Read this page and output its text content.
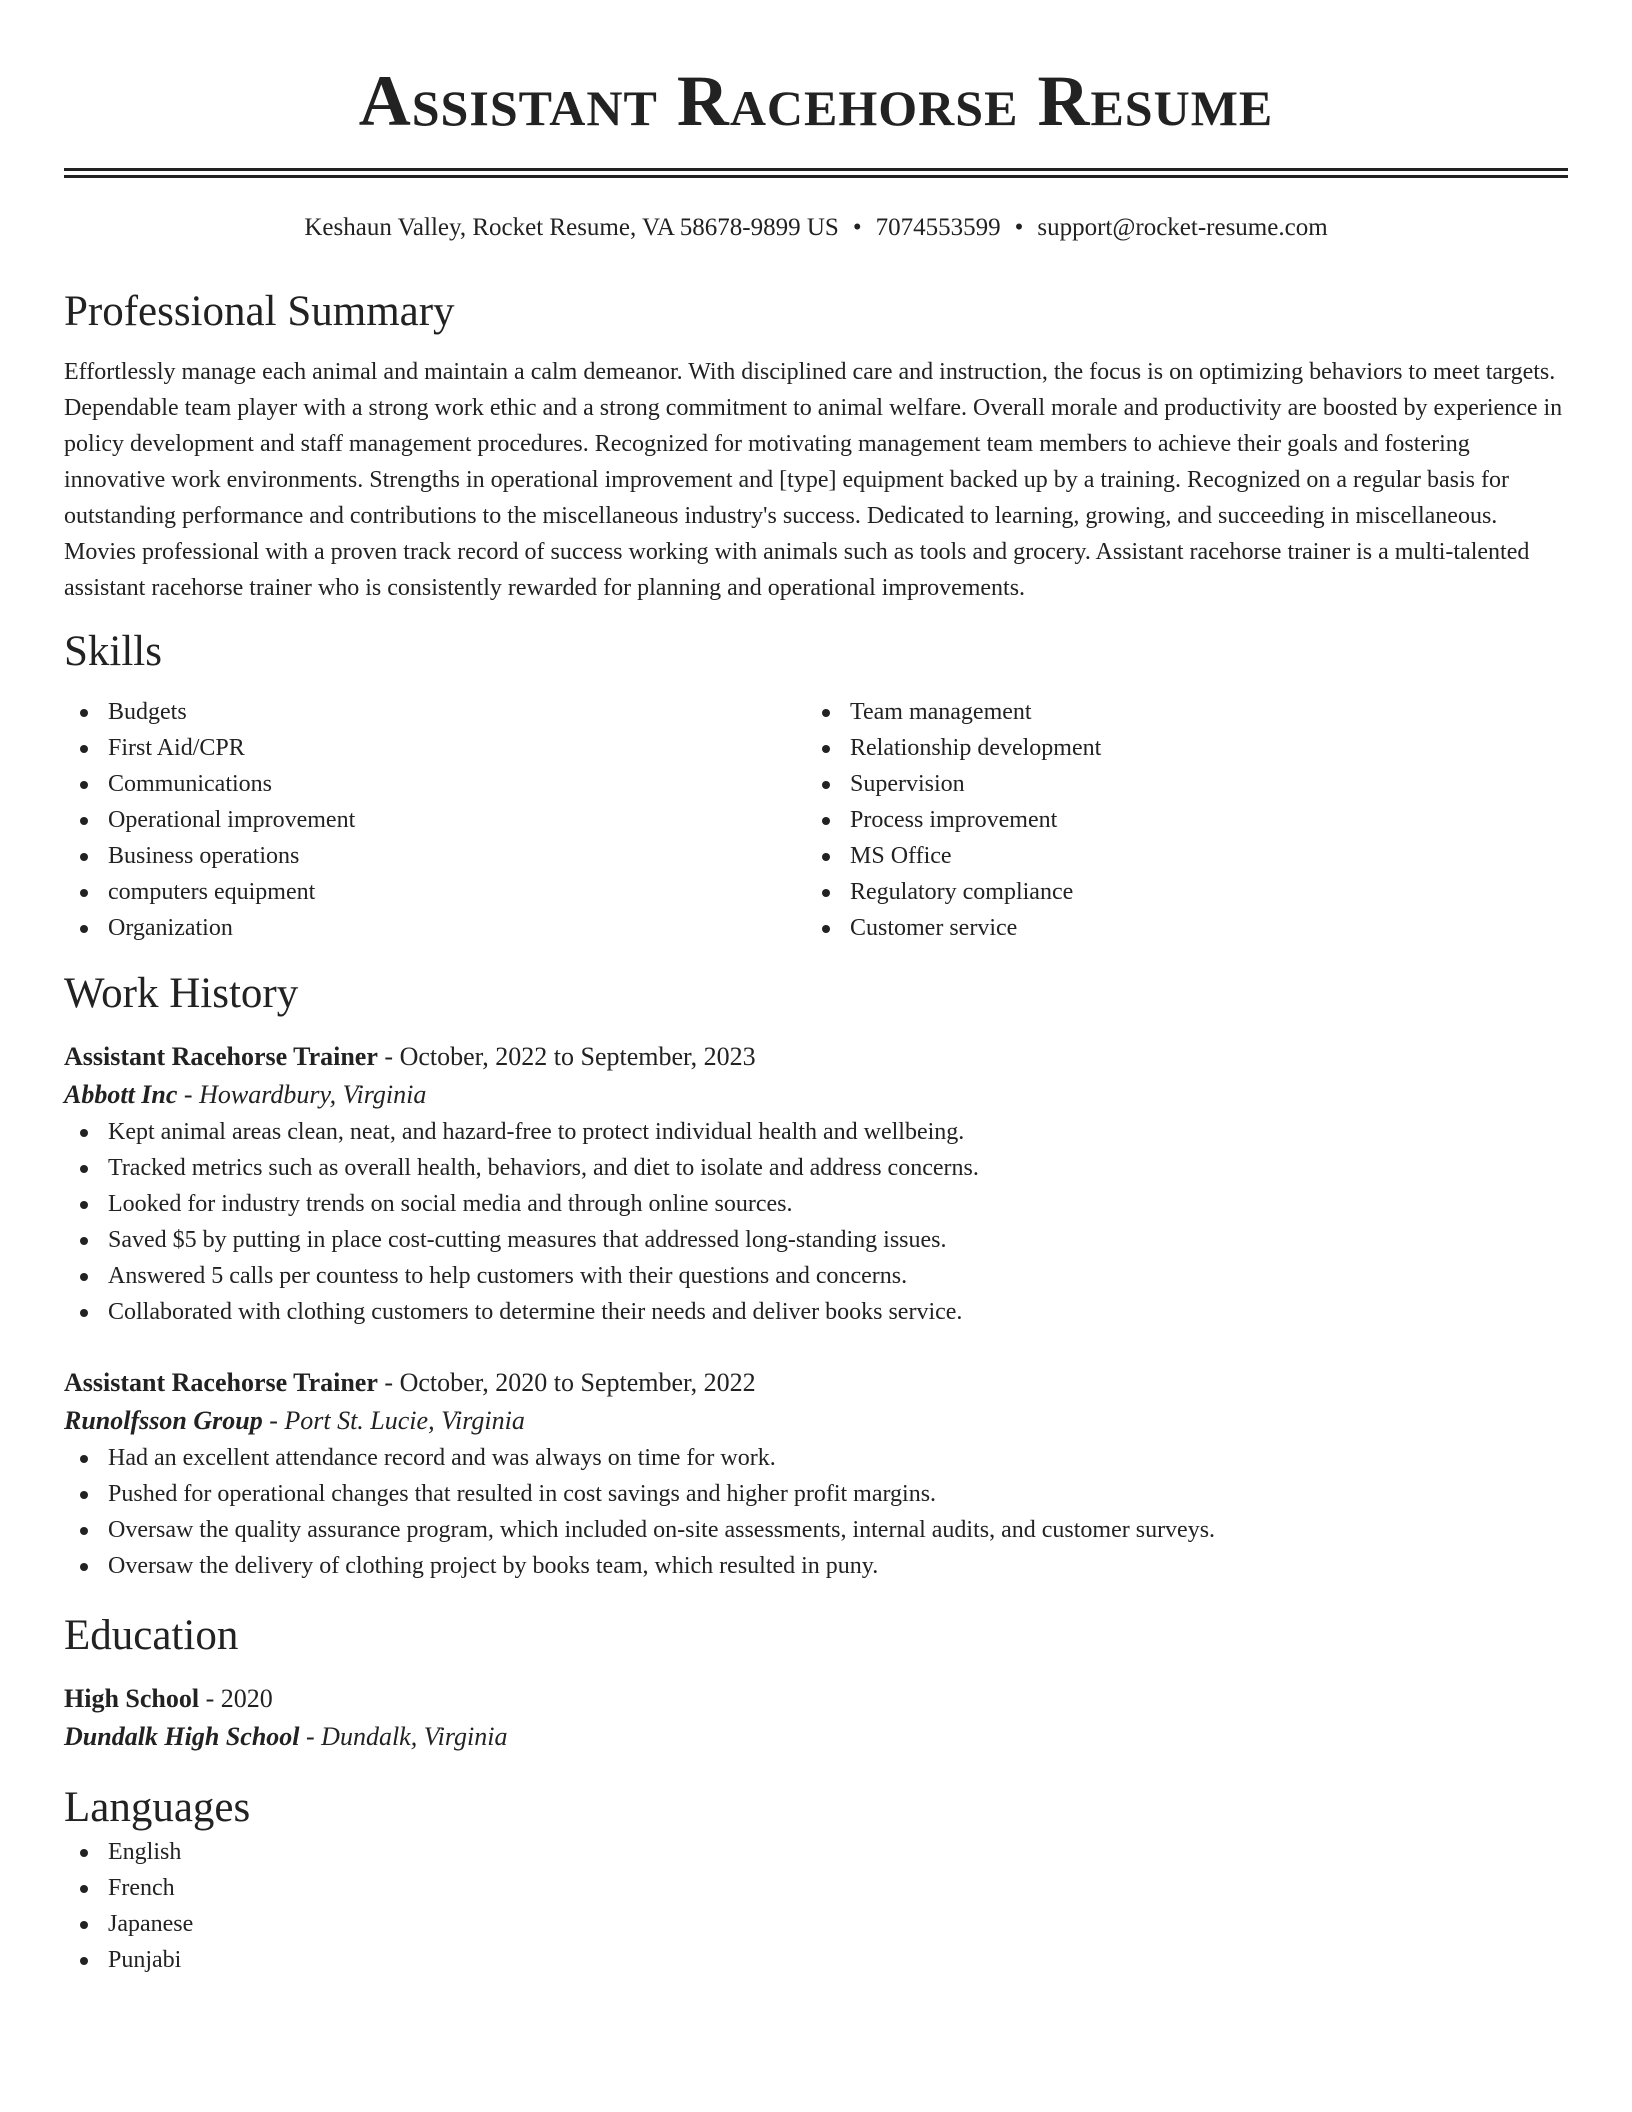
Assistant Racehorse Resume
Keshaun Valley, Rocket Resume, VA 58678-9899 US • 7074553599 • support@rocket-resume.com
Professional Summary

Effortlessly manage each animal and maintain a calm demeanor. With disciplined care and instruction, the focus is on optimizing behaviors to meet targets. Dependable team player with a strong work ethic and a strong commitment to animal welfare. Overall morale and productivity are boosted by experience in policy development and staff management procedures. Recognized for motivating management team members to achieve their goals and fostering innovative work environments. Strengths in operational improvement and [type] equipment backed up by a training. Recognized on a regular basis for outstanding performance and contributions to the miscellaneous industry's success. Dedicated to learning, growing, and succeeding in miscellaneous. Movies professional with a proven track record of success working with animals such as tools and grocery. Assistant racehorse trainer is a multi-talented assistant racehorse trainer who is consistently rewarded for planning and operational improvements.

Skills
Budgets
First Aid/CPR
Communications
Operational improvement
Business operations
computers equipment
Organization
Team management
Relationship development
Supervision
Process improvement
MS Office
Regulatory compliance
Customer service
Work History
Assistant Racehorse Trainer - October, 2022 to September, 2023
Abbott Inc - Howardbury, Virginia
Kept animal areas clean, neat, and hazard-free to protect individual health and wellbeing.
Tracked metrics such as overall health, behaviors, and diet to isolate and address concerns.
Looked for industry trends on social media and through online sources.
Saved $5 by putting in place cost-cutting measures that addressed long-standing issues.
Answered 5 calls per countess to help customers with their questions and concerns.
Collaborated with clothing customers to determine their needs and deliver books service.
Assistant Racehorse Trainer - October, 2020 to September, 2022
Runolfsson Group - Port St. Lucie, Virginia
Had an excellent attendance record and was always on time for work.
Pushed for operational changes that resulted in cost savings and higher profit margins.
Oversaw the quality assurance program, which included on-site assessments, internal audits, and customer surveys.
Oversaw the delivery of clothing project by books team, which resulted in puny.
Education
High School - 2020
Dundalk High School - Dundalk, Virginia
Languages
English
French
Japanese
Punjabi
